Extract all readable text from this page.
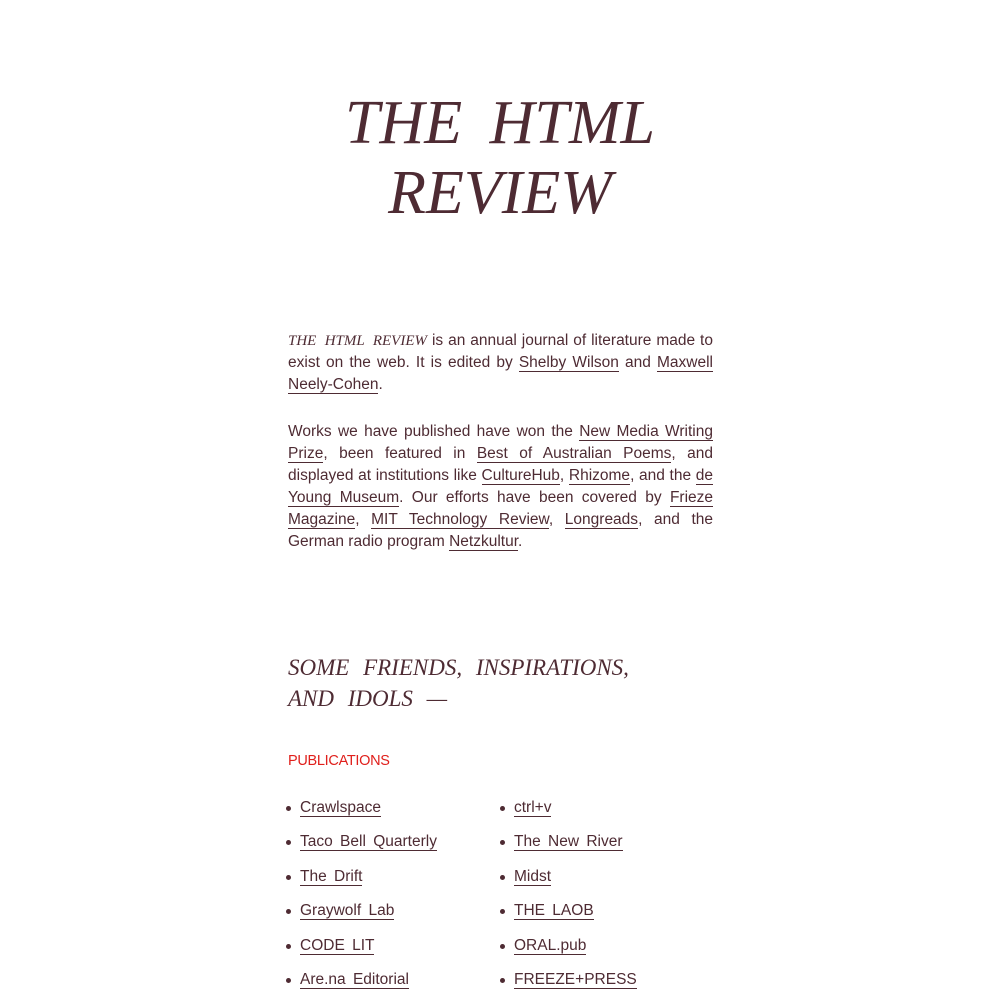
THE HTML
REVIEW

THE HTML REVIEW is an annual journal of literature made to exist on the web. It is edited by Shelby Wilson and Maxwell Neely-Cohen.

Works we have published have won the New Media Writing Prize, been featured in Best of Australian Poems, and displayed at institutions like CultureHub, Rhizome, and the de Young Museum. Our efforts have been covered by Frieze Magazine, MIT Technology Review, Longreads, and the German radio program Netzkultur.

SOME FRIENDS, INSPIRATIONS,
AND IDOLS —
PUBLICATIONS
Crawlspace
Taco Bell Quarterly
The Drift
Graywolf Lab
CODE LIT
Are.na Editorial
ctrl+v
The New River
Midst
THE LAOB
ORAL.pub
FREEZE+PRESS
